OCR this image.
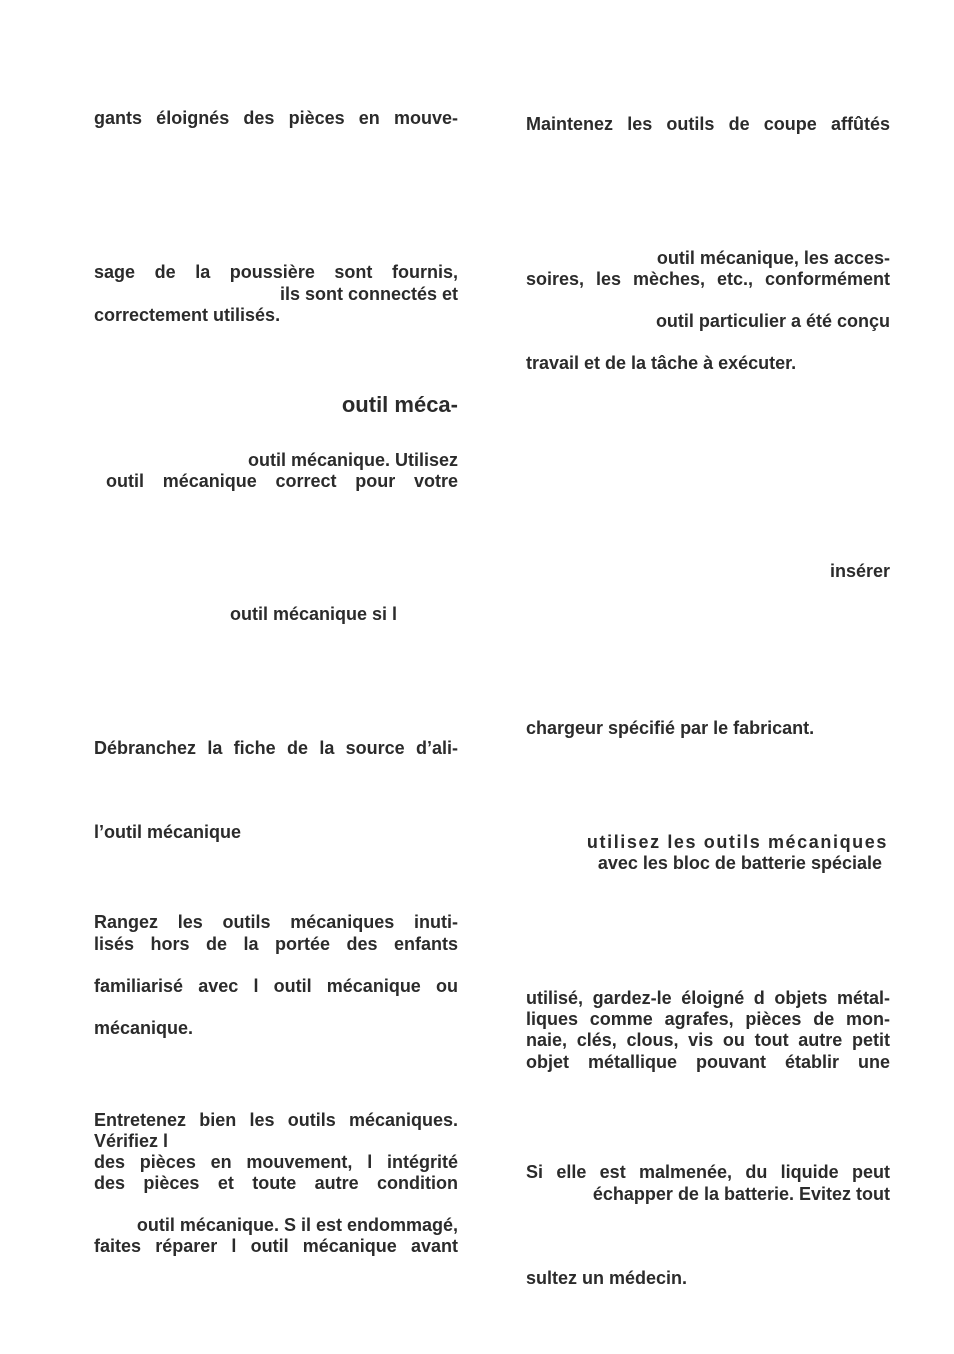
gants éloignés des pièces en mouve-

sage de la poussière sont fournis,

ils sont connectés et

correctement utilisés.

outil méca-

outil mécanique. Utilisez

outil mécanique correct pour votre

outil mécanique si l

Débranchez la fiche de la source d’ali-

l’outil mécanique

Rangez les outils mécaniques inuti-

lisés hors de la portée des enfants

familiarisé avec l outil mécanique ou

mécanique.

Entretenez bien les outils mécaniques.

Vérifiez l

des pièces en mouvement, l intégrité

des pièces et toute autre condition

outil mécanique. S il est endommagé,

faites réparer l outil mécanique avant

Maintenez les outils de coupe affûtés

outil mécanique, les acces-

soires, les mèches, etc., conformément

outil particulier a été conçu

travail et de la tâche à exécuter.

insérer

chargeur spécifié par le fabricant.

utilisez les outils mécaniques

avec les bloc de batterie spéciale

utilisé, gardez-le éloigné d objets métal-

liques comme agrafes, pièces de mon-

naie, clés, clous, vis ou tout autre petit

objet métallique pouvant établir une

Si elle est malmenée, du liquide peut

échapper de la batterie. Evitez tout

sultez un médecin.
